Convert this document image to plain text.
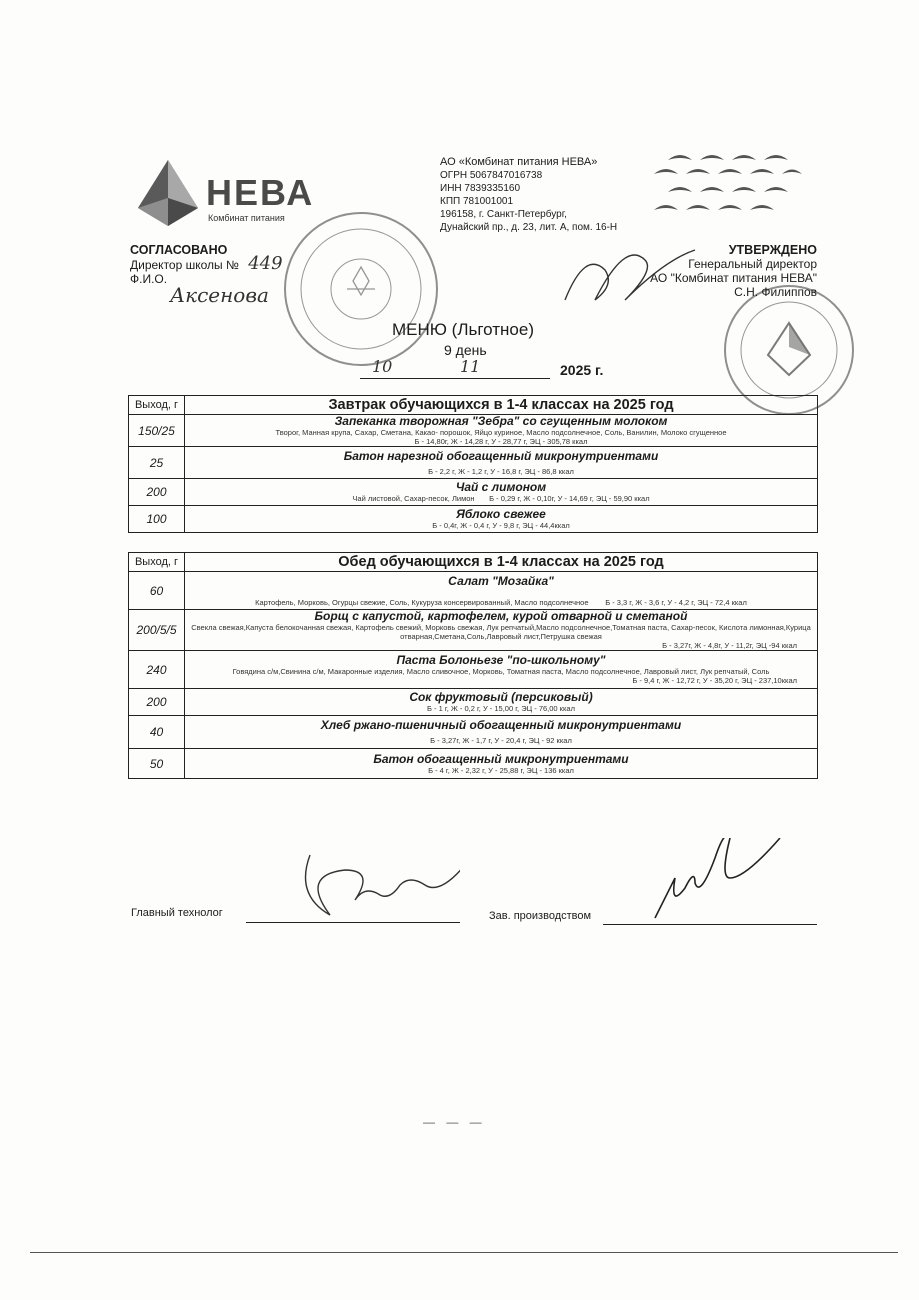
НЕВА
Комбинат питания
АО «Комбинат питания НЕВА»
ОГРН 5067847016738
ИНН 7839335160
КПП 781001001
196158, г. Санкт-Петербург,
Дунайский пр., д. 23, лит. А, пом. 16-Н
СОГЛАСОВАНО
Директор школы № 449
Ф.И.О.
Аксенова
УТВЕРЖДЕНО
Генеральный директор
АО "Комбинат питания НЕВА"
С.Н. Филиппов
МЕНЮ (Льготное)
9 день
10	11	2025 г.
Выход, г	Завтрак обучающихся в 1-4 классах на 2025 год
150/25	Запеканка творожная "Зебра" со сгущенным молоком
Творог, Манная крупа, Сахар, Сметана, Какао- порошок, Яйцо куриное, Масло подсолнечное, Соль, Ванилин, Молоко сгущенное
Б - 14,80г, Ж - 14,28 г, У - 28,77 г, ЭЦ - 305,78 ккал

25	Батон нарезной обогащенный микронутриентами
Б - 2,2 г, Ж - 1,2 г, У - 16,8 г, ЭЦ - 86,8 ккал

200	Чай с лимоном
Чай листовой, Сахар-песок, Лимон Б - 0,29 г, Ж - 0,10г, У - 14,69 г, ЭЦ - 59,90 ккал

100	Яблоко свежее
Б - 0,4г, Ж - 0,4 г, У - 9,8 г, ЭЦ - 44,4ккал
Выход, г	Обед обучающихся в 1-4 классах на 2025 год
60	Салат "Мозайка"
Картофель, Морковь, Огурцы свежие, Соль, Кукуруза консервированный, Масло подсолнечное Б - 3,3 г, Ж - 3,6 г, У - 4,2 г, ЭЦ - 72,4 ккал

200/5/5	Борщ с капустой, картофелем, курой отварной и сметаной
Свекла свежая,Капуста белокочанная свежая, Картофель свежий, Морковь свежая, Лук репчатый,Масло подсолнечное,Томатная паста, Сахар-песок, Кислота лимонная,Курица отварная,Сметана,Соль,Лавровый лист,Петрушка свежая
Б - 3,27г, Ж - 4,8г, У - 11,2г, ЭЦ -94 ккал

240	Паста Болоньезе "по-школьному"
Говядина с/м,Свинина с/м, Макаронные изделия, Масло сливочное, Морковь, Томатная паста, Масло подсолнечное, Лавровый лист, Лук репчатый, Соль
Б - 9,4 г, Ж - 12,72 г, У - 35,20 г, ЭЦ - 237,10ккал

200	Сок фруктовый (персиковый)
Б - 1 г, Ж - 0,2 г, У - 15,00 г, ЭЦ - 76,00 ккал

40	Хлеб ржано-пшеничный обогащенный микронутриентами
Б - 3,27г, Ж - 1,7 г, У - 20,4 г, ЭЦ - 92 ккал

50	Батон обогащенный микронутриентами
Б - 4 г, Ж - 2,32 г, У - 25,88 г, ЭЦ - 136 ккал
Главный технолог	Зав. производством
— — —
